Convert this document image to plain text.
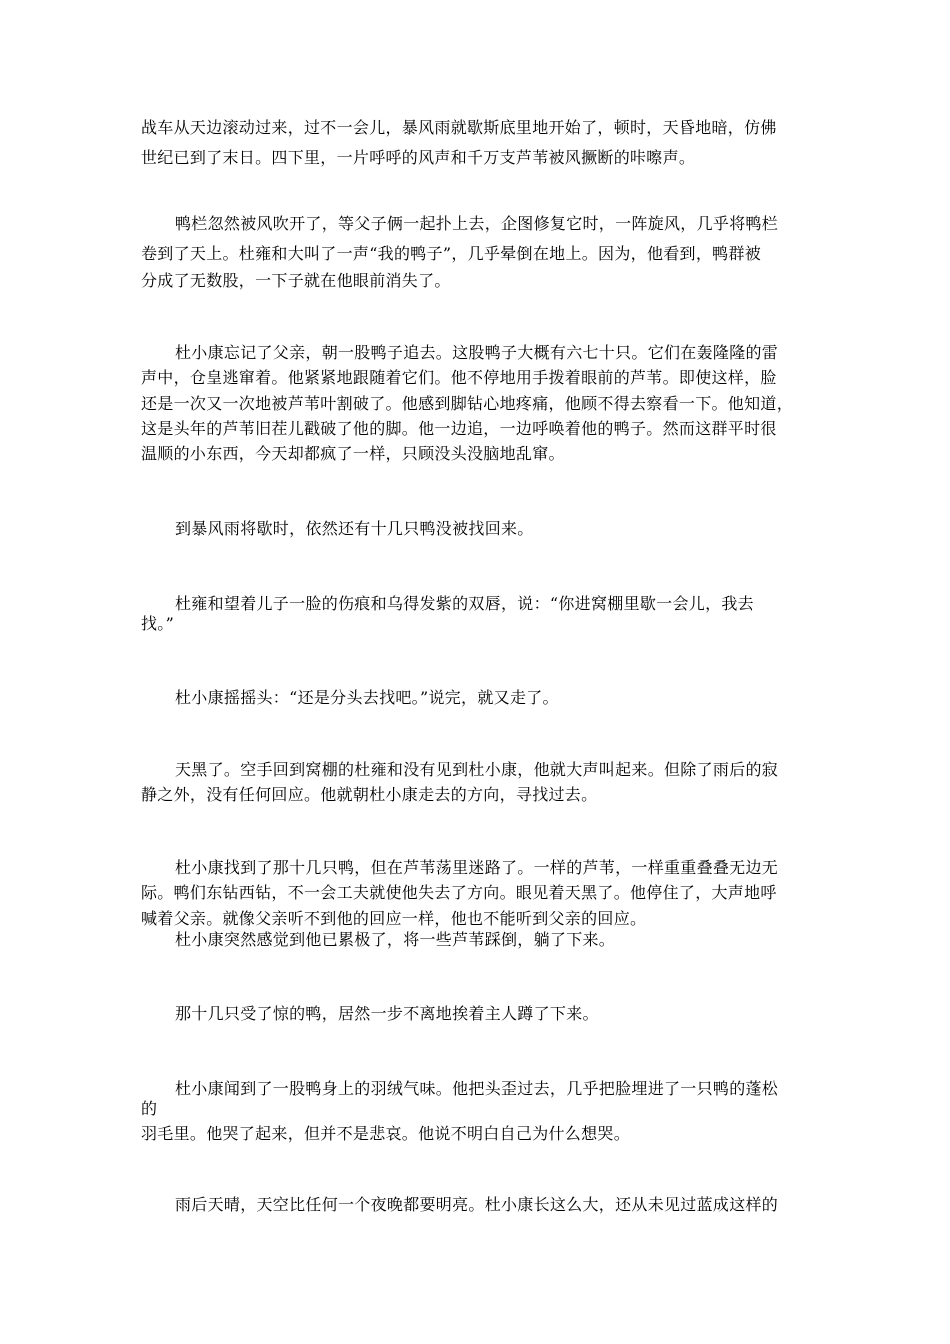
战车从天边滚动过来，过不一会儿，暴风雨就歇斯底里地开始了，顿时，天昏地暗，仿佛
世纪已到了末日。四下里，一片呼呼的风声和千万支芦苇被风撅断的咔嚓声。
鸭栏忽然被风吹开了，等父子俩一起扑上去，企图修复它时，一阵旋风，几乎将鸭栏
卷到了天上。杜雍和大叫了一声“我的鸭子”，几乎晕倒在地上。因为，他看到，鸭群被
分成了无数股，一下子就在他眼前消失了。
杜小康忘记了父亲，朝一股鸭子追去。这股鸭子大概有六七十只。它们在轰隆隆的雷
声中，仓皇逃窜着。他紧紧地跟随着它们。他不停地用手拨着眼前的芦苇。即使这样，脸
还是一次又一次地被芦苇叶割破了。他感到脚钻心地疼痛，他顾不得去察看一下。他知道，
这是头年的芦苇旧茬儿戳破了他的脚。他一边追，一边呼唤着他的鸭子。然而这群平时很
温顺的小东西，今天却都疯了一样，只顾没头没脑地乱窜。
到暴风雨将歇时，依然还有十几只鸭没被找回来。
杜雍和望着儿子一脸的伤痕和乌得发紫的双唇，说：“你进窝棚里歇一会儿，我去
找。”
杜小康摇摇头：“还是分头去找吧。”说完，就又走了。
天黑了。空手回到窝棚的杜雍和没有见到杜小康，他就大声叫起来。但除了雨后的寂
静之外，没有任何回应。他就朝杜小康走去的方向，寻找过去。
杜小康找到了那十几只鸭，但在芦苇荡里迷路了。一样的芦苇，一样重重叠叠无边无
际。鸭们东钻西钻，不一会工夫就使他失去了方向。眼见着天黑了。他停住了，大声地呼
喊着父亲。就像父亲听不到他的回应一样，他也不能听到父亲的回应。
杜小康突然感觉到他已累极了，将一些芦苇踩倒，躺了下来。
那十几只受了惊的鸭，居然一步不离地挨着主人蹲了下来。
杜小康闻到了一股鸭身上的羽绒气味。他把头歪过去，几乎把脸埋进了一只鸭的蓬松
的
羽毛里。他哭了起来，但并不是悲哀。他说不明白自己为什么想哭。
雨后天晴，天空比任何一个夜晚都要明亮。杜小康长这么大，还从未见过蓝成这样的
